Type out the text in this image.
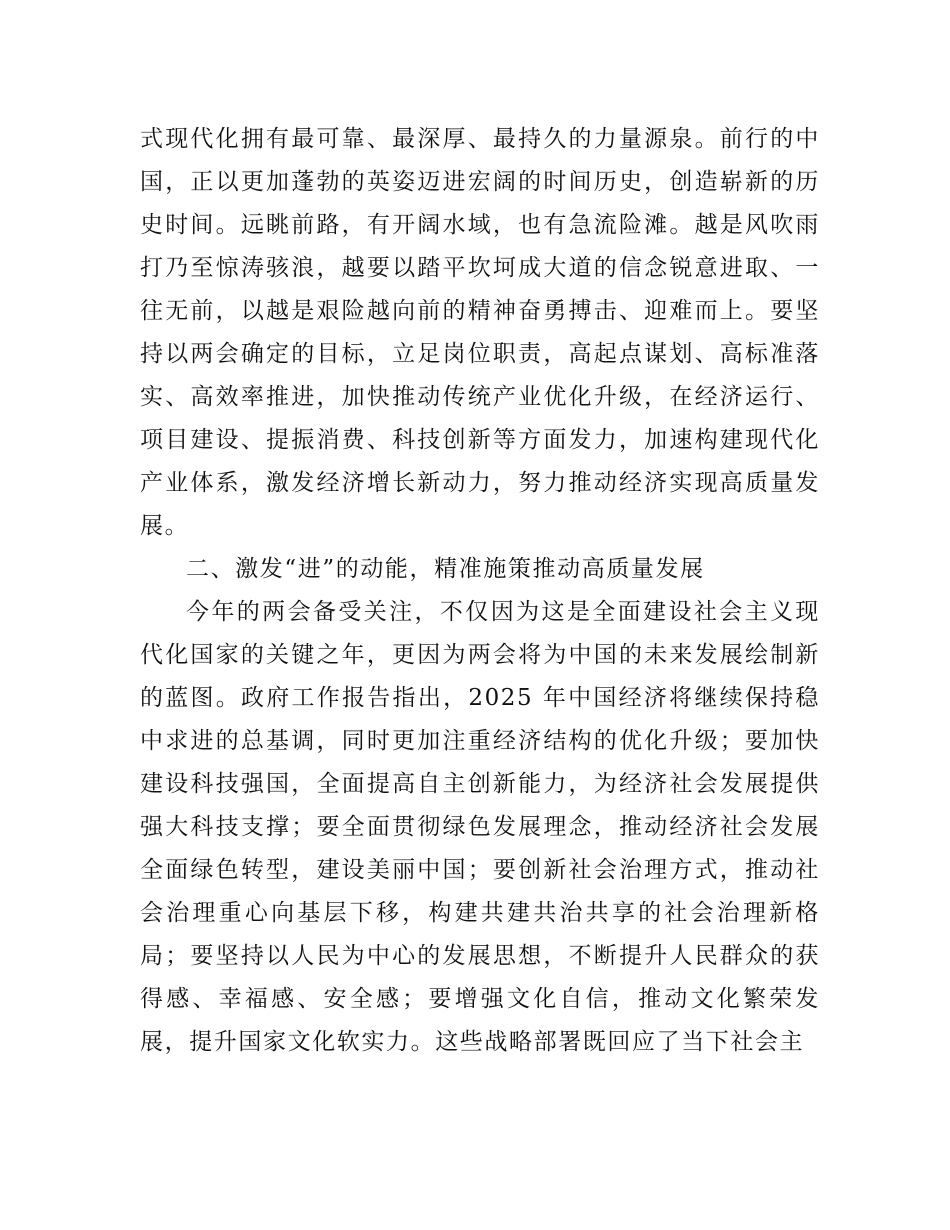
式现代化拥有最可靠、最深厚、最持久的力量源泉。前行的中国，正以更加蓬勃的英姿迈进宏阔的时间历史，创造崭新的历史时间。远眺前路，有开阔水域，也有急流险滩。越是风吹雨打乃至惊涛骇浪，越要以踏平坎坷成大道的信念锐意进取、一往无前，以越是艰险越向前的精神奋勇搏击、迎难而上。要坚持以两会确定的目标，立足岗位职责，高起点谋划、高标准落实、高效率推进，加快推动传统产业优化升级，在经济运行、项目建设、提振消费、科技创新等方面发力，加速构建现代化产业体系，激发经济增长新动力，努力推动经济实现高质量发展。

二、激发“进”的动能，精准施策推动高质量发展

今年的两会备受关注，不仅因为这是全面建设社会主义现代化国家的关键之年，更因为两会将为中国的未来发展绘制新的蓝图。政府工作报告指出，2025 年中国经济将继续保持稳中求进的总基调，同时更加注重经济结构的优化升级；要加快建设科技强国，全面提高自主创新能力，为经济社会发展提供强大科技支撑；要全面贯彻绿色发展理念，推动经济社会发展全面绿色转型，建设美丽中国；要创新社会治理方式，推动社会治理重心向基层下移，构建共建共治共享的社会治理新格局；要坚持以人民为中心的发展思想，不断提升人民群众的获得感、幸福感、安全感；要增强文化自信，推动文化繁荣发展，提升国家文化软实力。这些战略部署既回应了当下社会主
